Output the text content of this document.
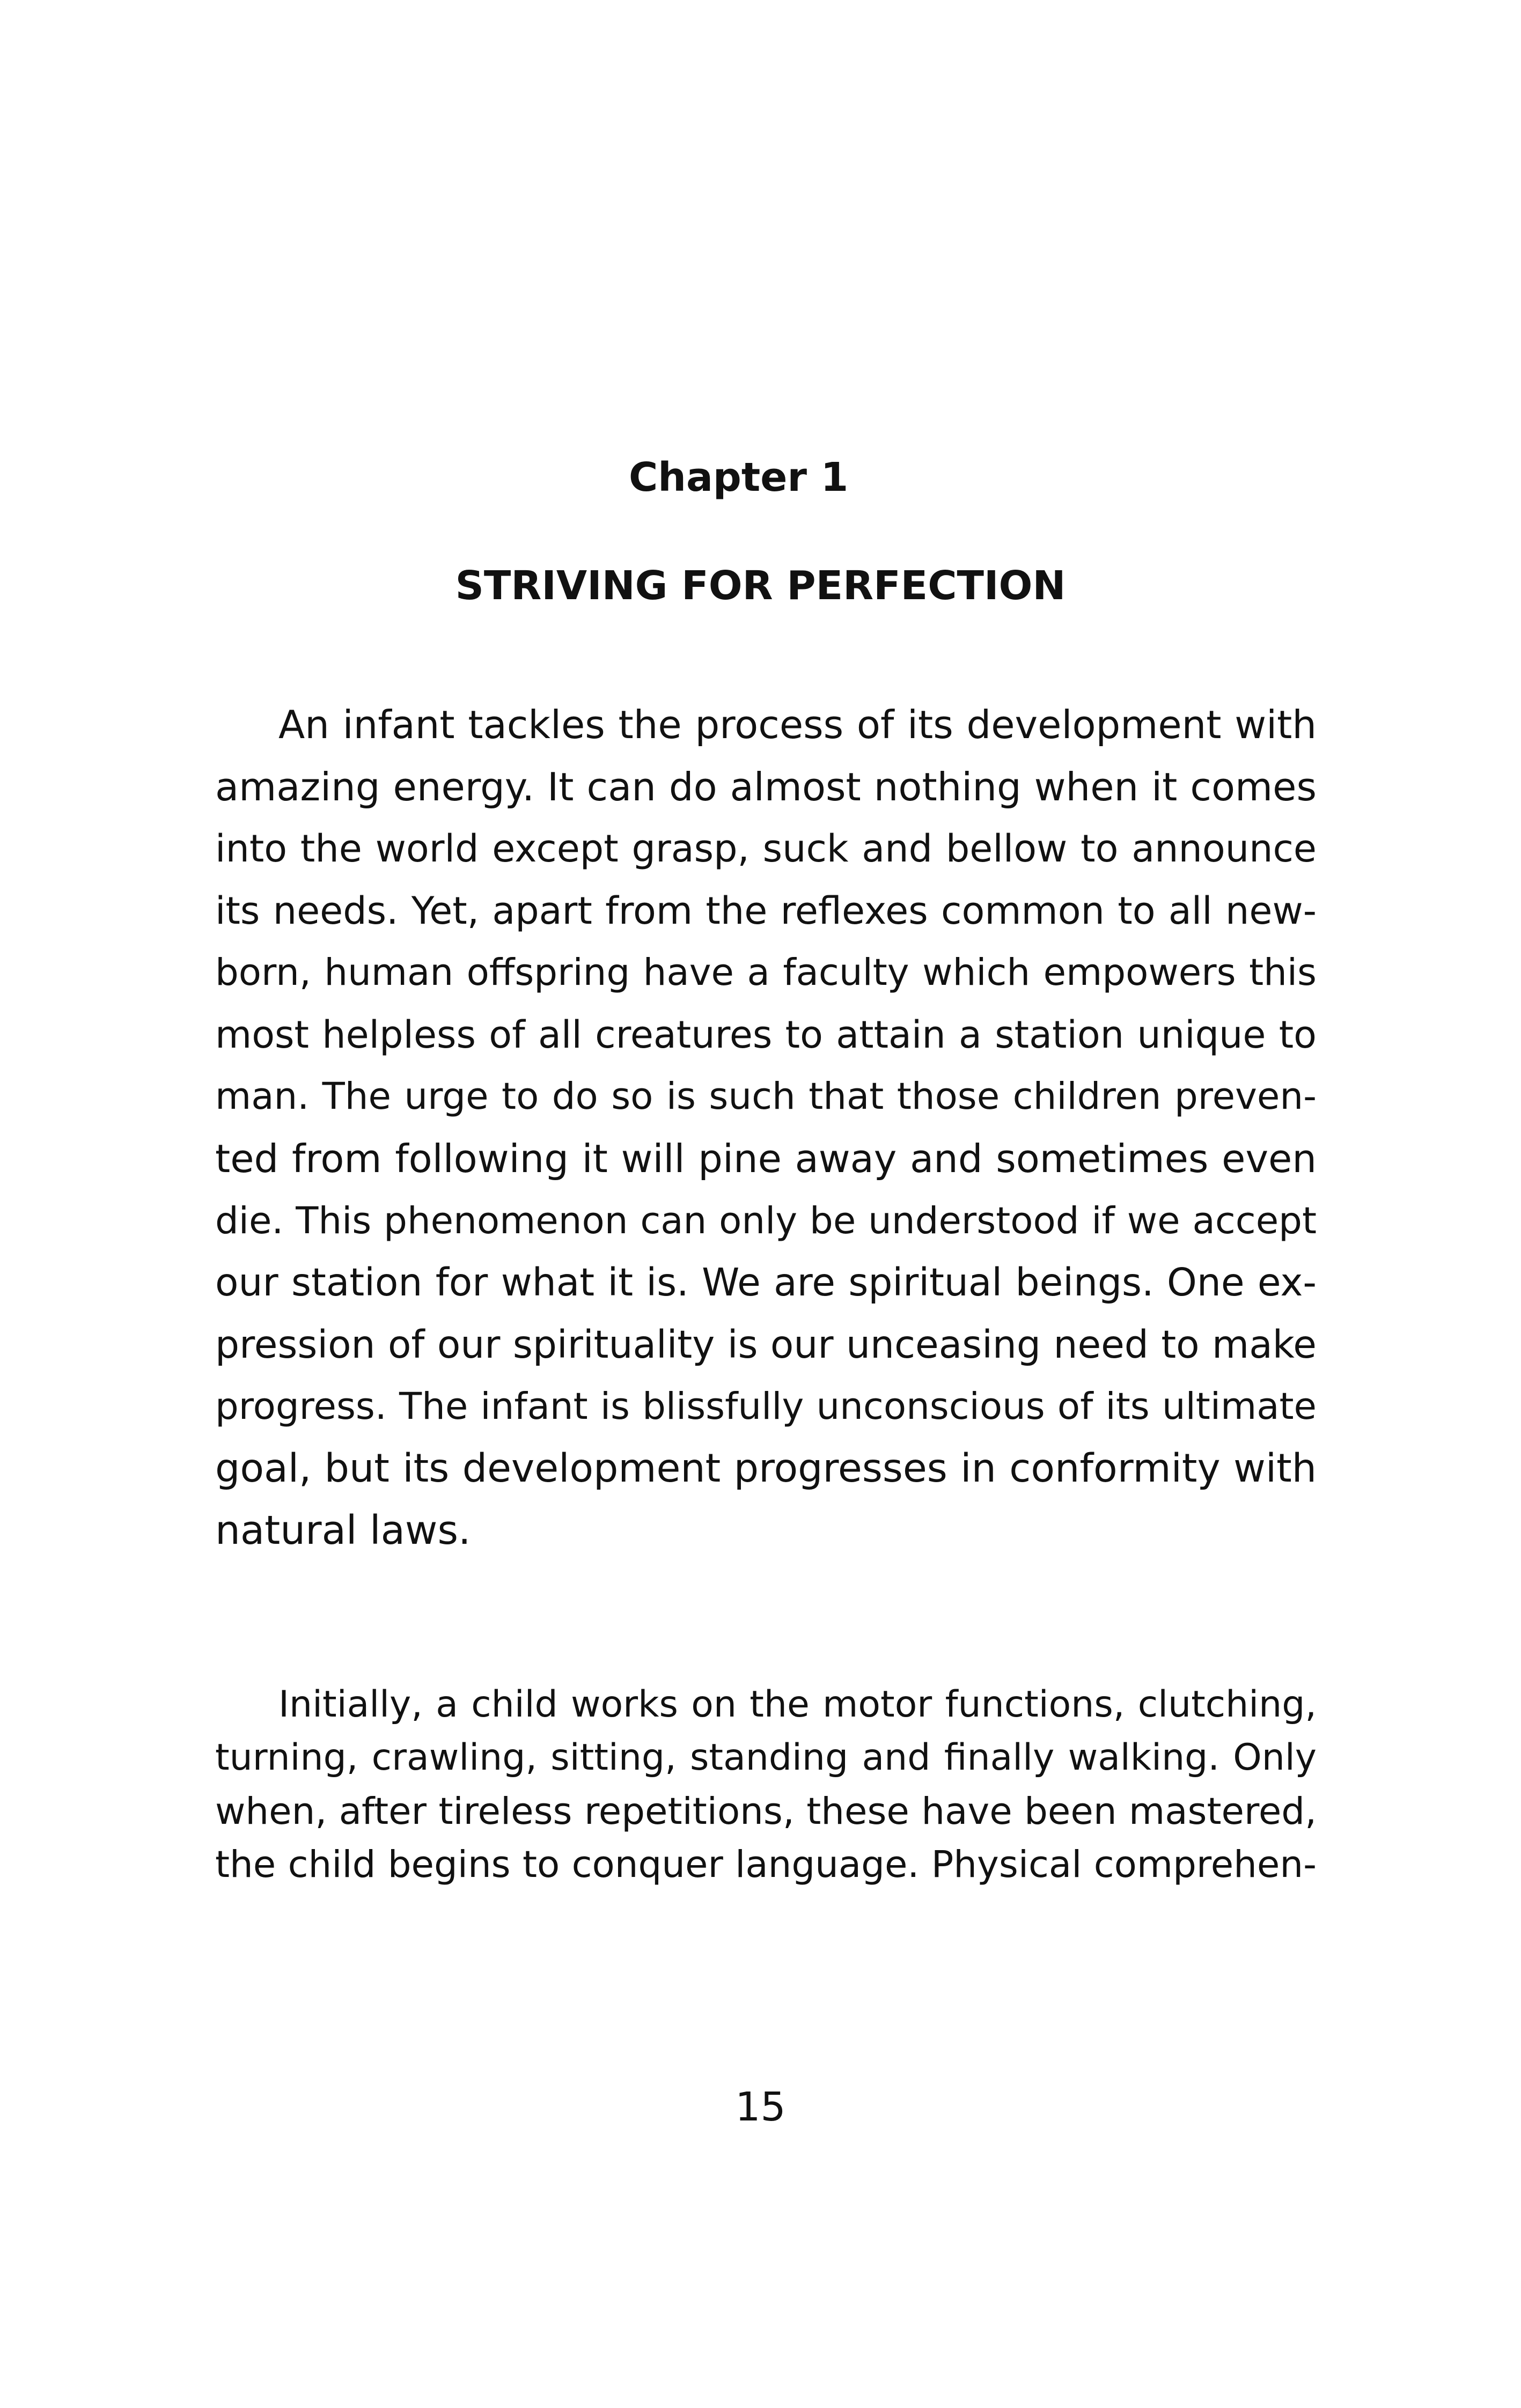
Chapter 1
STRIVING FOR PERFECTION
An infant tackles the process of its development with
amazing energy. It can do almost nothing when it comes
into the world except grasp, suck and bellow to announce
its needs. Yet, apart from the reflexes common to all new-
born, human offspring have a faculty which empowers this
most helpless of all creatures to attain a station unique to
man. The urge to do so is such that those children preven-
ted from following it will pine away and sometimes even
die. This phenomenon can only be understood if we accept
our station for what it is. We are spiritual beings. One ex-
pression of our spirituality is our unceasing need to make
progress. The infant is blissfully unconscious of its ultimate
goal, but its development progresses in conformity with
natural laws.
Initially, a child works on the motor functions, clutching,
turning, crawling, sitting, standing and finally walking. Only
when, after tireless repetitions, these have been mastered,
the child begins to conquer language. Physical comprehen-
15
